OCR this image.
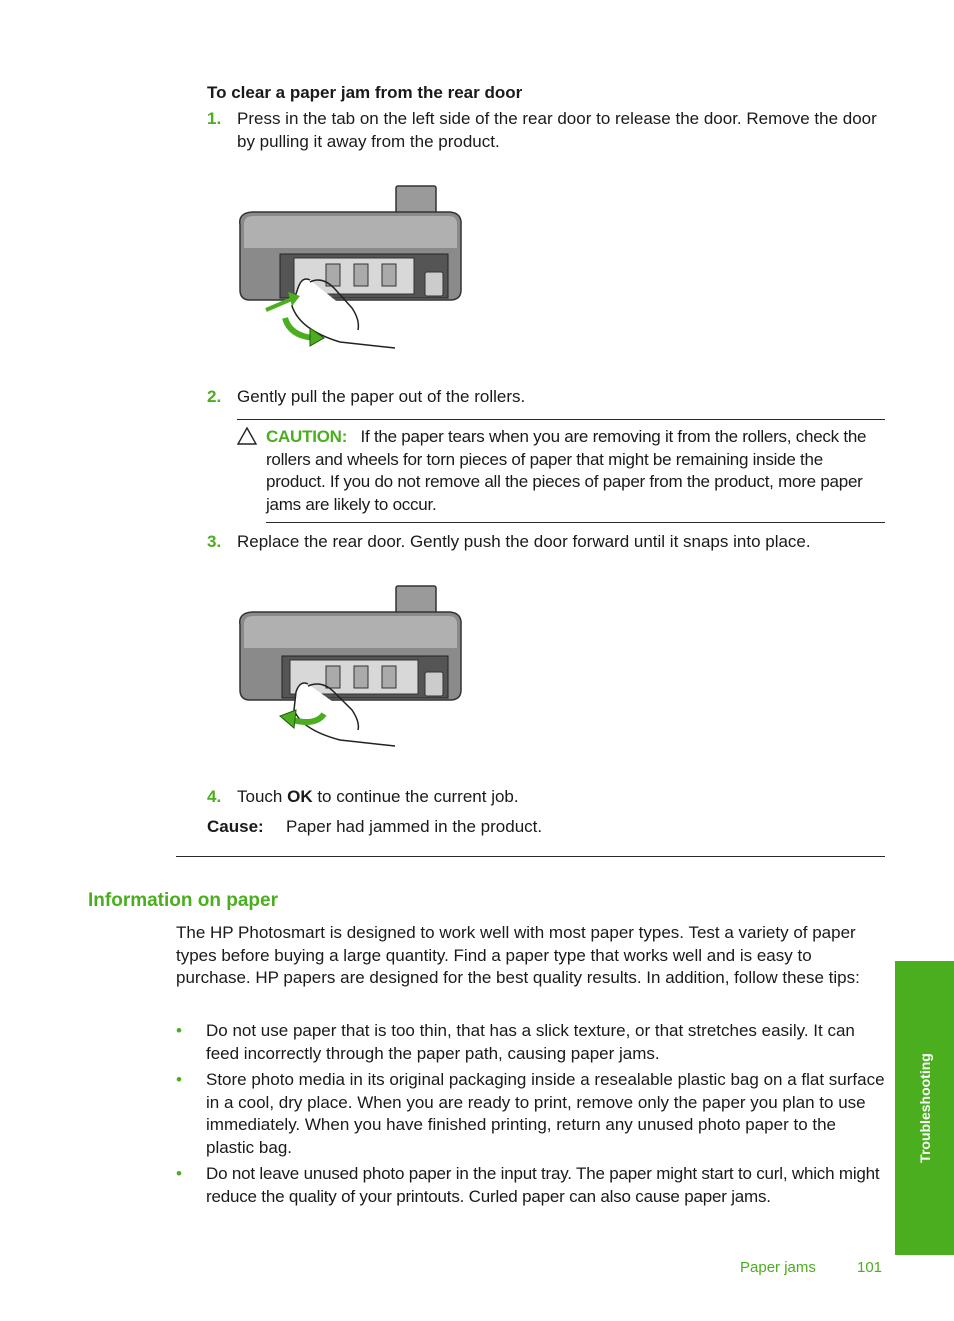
To clear a paper jam from the rear door
1. Press in the tab on the left side of the rear door to release the door. Remove the door by pulling it away from the product.
2. Gently pull the paper out of the rollers.
CAUTION: If the paper tears when you are removing it from the rollers, check the rollers and wheels for torn pieces of paper that might be remaining inside the product. If you do not remove all the pieces of paper from the product, more paper jams are likely to occur.
3. Replace the rear door. Gently push the door forward until it snaps into place.
4. Touch OK to continue the current job.
Cause: Paper had jammed in the product.
Information on paper
The HP Photosmart is designed to work well with most paper types. Test a variety of paper types before buying a large quantity. Find a paper type that works well and is easy to purchase. HP papers are designed for the best quality results. In addition, follow these tips:
• Do not use paper that is too thin, that has a slick texture, or that stretches easily. It can feed incorrectly through the paper path, causing paper jams.
• Store photo media in its original packaging inside a resealable plastic bag on a flat surface in a cool, dry place. When you are ready to print, remove only the paper you plan to use immediately. When you have finished printing, return any unused photo paper to the plastic bag.
• Do not leave unused photo paper in the input tray. The paper might start to curl, which might reduce the quality of your printouts. Curled paper can also cause paper jams.
Troubleshooting
Paper jams	101
